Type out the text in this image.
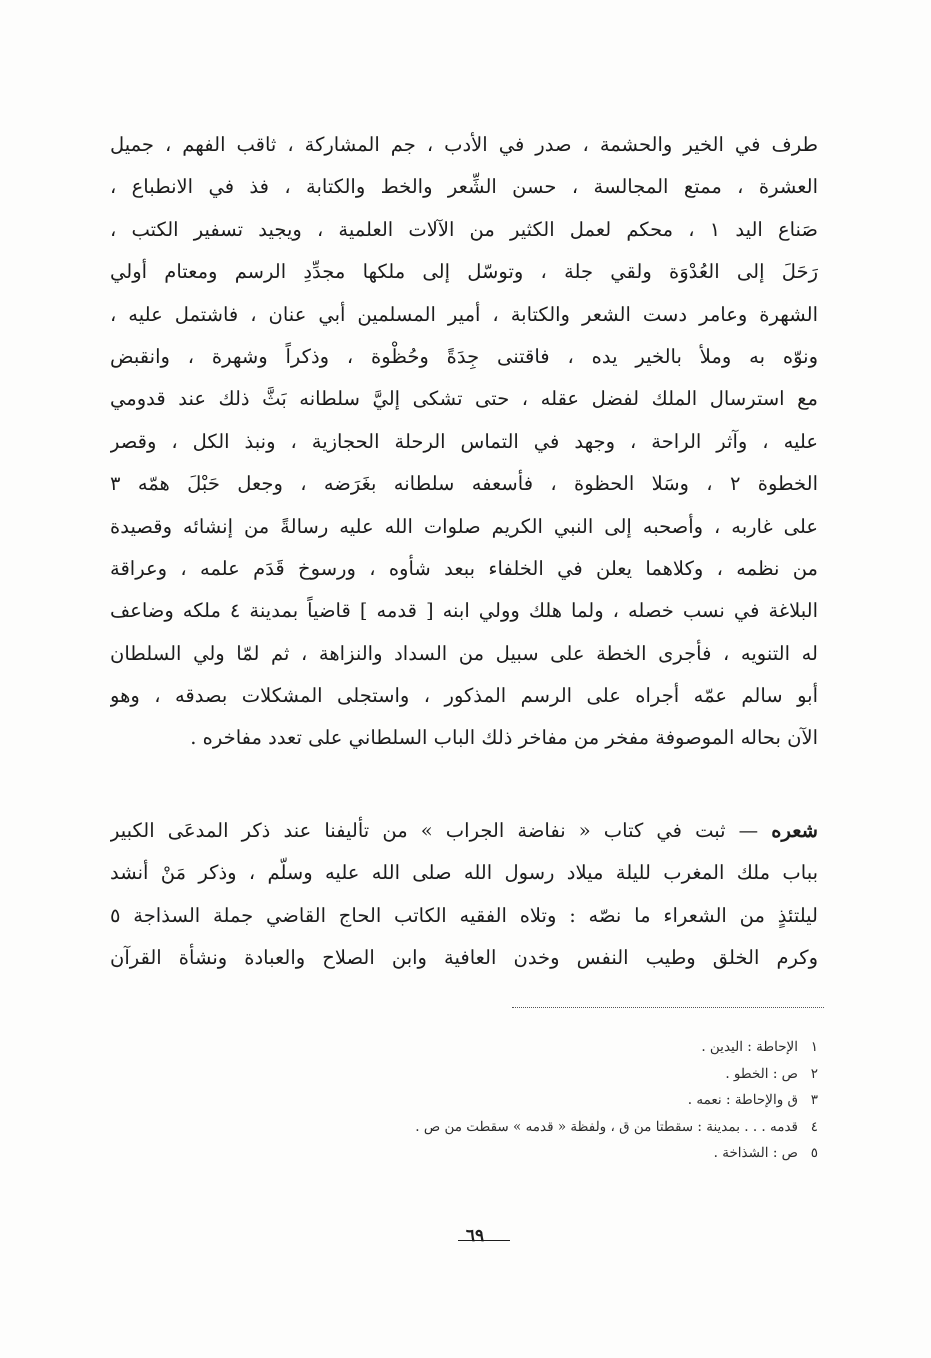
طرف في الخير والحشمة ، صدر في الأدب ، جم المشاركة ، ثاقب الفهم ، جميل
العشرة ، ممتع المجالسة ، حسن الشِّعر والخط والكتابة ، فذ في الانطباع ،
صَناع اليد ١ ، محكم لعمل الكثير من الآلات العلمية ، ويجيد تسفير الكتب ،
رَحَلَ إلى العُدْوَة ولقي جلة ، وتوسّل إلى ملكها مجدِّدِ الرسم ومعتام أولي
الشهرة وعامر دست الشعر والكتابة ، أمير المسلمين أبي عنان ، فاشتمل عليه ،
ونوّه به وملأ بالخير يده ، فاقتنى جِدَةً وحُظْوة ، وذكراً وشهرة ، وانقبض
مع استرسال الملك لفضل عقله ، حتى تشكى إليَّ سلطانه بَثَّ ذلك عند قدومي
عليه ، وآثر الراحة ، وجهد في التماس الرحلة الحجازية ، ونبذ الكل ، وقصر
الخطوة ٢ ، وسَلا الحظوة ، فأسعفه سلطانه بغَرَضه ، وجعل حَبْلَ همّه ٣
على غاربه ، وأصحبه إلى النبي الكريم صلوات الله عليه رسالةً من إنشائه وقصيدة
من نظمه ، وكلاهما يعلن في الخلفاء ببعد شأوه ، ورسوخ قَدَم علمه ، وعراقة
البلاغة في نسب خصله ، ولما هلك وولي ابنه [ قدمه ] قاضياً بمدينة ٤ ملكه وضاعف
له التنويه ، فأجرى الخطة على سبيل من السداد والنزاهة ، ثم لمّا ولي السلطان
أبو سالم عمّه أجراه على الرسم المذكور ، واستجلى المشكلات بصدقه ، وهو
الآن بحاله الموصوفة مفخر من مفاخر ذلك الباب السلطاني على تعدد مفاخره .
شعره — ثبت في كتاب « نفاضة الجراب » من تأليفنا عند ذكر المدعَى الكبير
بباب ملك المغرب لليلة ميلاد رسول الله صلى الله عليه وسلّم ، وذكر مَنْ أنشد
ليلتئذٍ من الشعراء ما نصّه : وتلاه الفقيه الكاتب الحاج القاضي جملة السذاجة ٥
وكرم الخلق وطيب النفس وخدن العافية وابن الصلاح والعبادة ونشأة القرآن
١الإحاطة : اليدين .
٢ص : الخطو .
٣ق والإحاطة : نعمه .
٤قدمه . . . بمدينة : سقطتا من ق ، ولفظة « قدمه » سقطت من ص .
٥ص : الشذاخة .
٦٩
